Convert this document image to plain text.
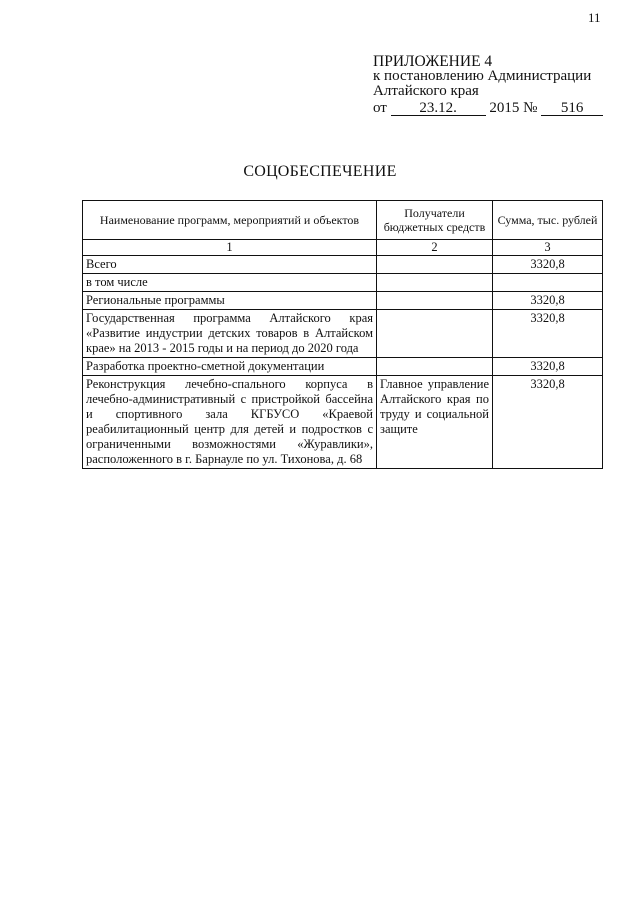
11
ПРИЛОЖЕНИЕ 4
к постановлению Администрации
Алтайского края
от 23.12. 2015 № 516
СОЦОБЕСПЕЧЕНИЕ
Наименование программ, мероприятий и объектов	Получатели бюджетных средств	Сумма, тыс. рублей
1	2	3
Всего		3320,8
в том числе		
Региональные программы		3320,8
Государственная программа Алтайского края «Развитие индустрии детских товаров в Алтайском крае» на 2013 - 2015 годы и на период до 2020 года		3320,8
Разработка проектно-сметной документации		3320,8
Реконструкция лечебно-спального корпуса в лечебно-административный с пристройкой бассейна и спортивного зала КГБУСО «Краевой реабилитационный центр для детей и подростков с ограниченными возможностями «Журавлики», расположенного в г. Барнауле по ул. Тихонова, д. 68	Главное управление Алтайского края по труду и социальной защите	3320,8
